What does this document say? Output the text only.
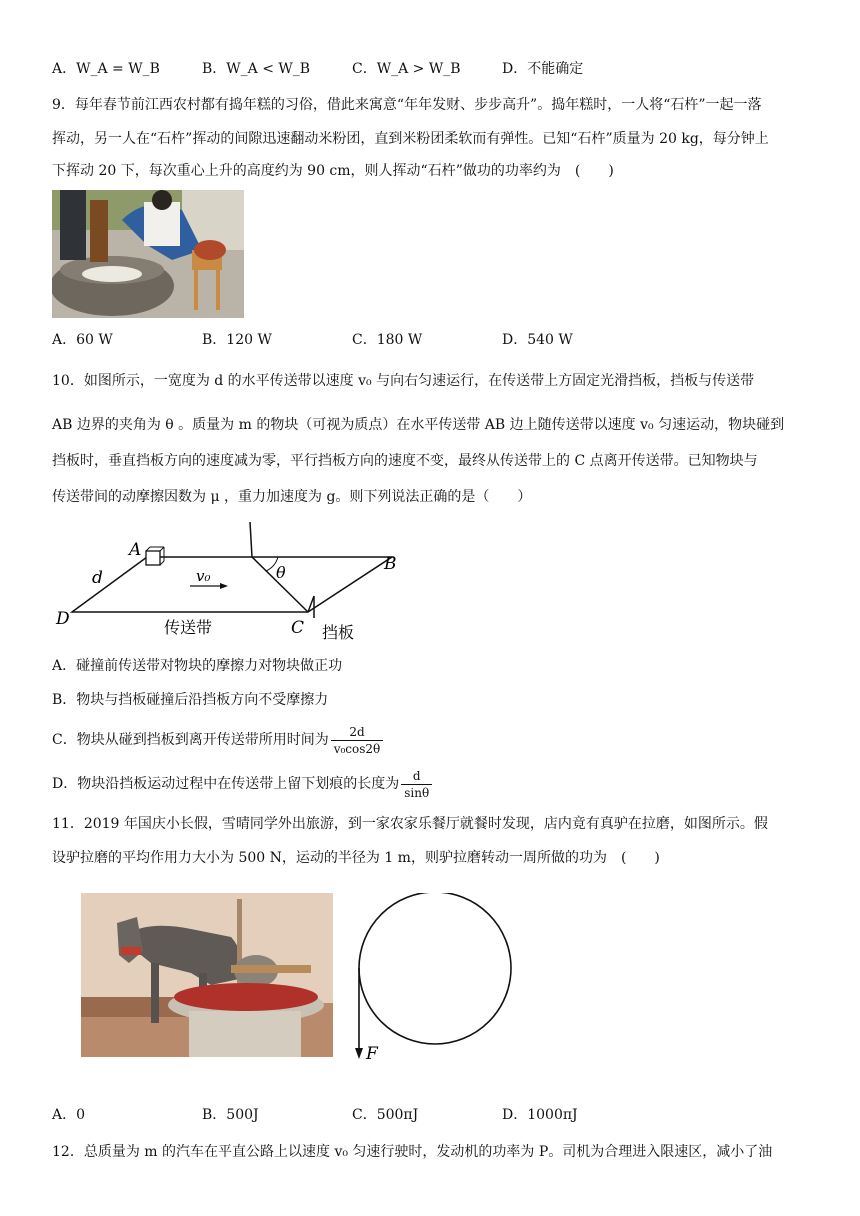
A．W_A = W_B	B．W_A < W_B	C．W_A > W_B	D．不能确定
9．每年春节前江西农村都有捣年糕的习俗，借此来寓意“年年发财、步步高升”。捣年糕时，一人将“石杵”一起一落
挥动，另一人在“石杵”挥动的间隙迅速翻动米粉团，直到米粉团柔软而有弹性。已知“石杵”质量为 20 kg，每分钟上
下挥动 20 下，每次重心上升的高度约为 90 cm，则人挥动“石杵”做功的功率约为　(　　)
A．60 W	B．120 W	C．180 W	D．540 W
10．如图所示，一宽度为 d 的水平传送带以速度 v₀ 与向右匀速运行，在传送带上方固定光滑挡板，挡板与传送带
AB 边界的夹角为 θ 。质量为 m 的物块（可视为质点）在水平传送带 AB 边上随传送带以速度 v₀ 匀速运动，物块碰到
挡板时，垂直挡板方向的速度减为零，平行挡板方向的速度不变，最终从传送带上的 C 点离开传送带。已知物块与
传送带间的动摩擦因数为 μ ，重力加速度为 g。则下列说法正确的是（　　）
A
B
C
D
d	v₀	θ
传送带	挡板
A．碰撞前传送带对物块的摩擦力对物块做正功
B．物块与挡板碰撞后沿挡板方向不受摩擦力
C．物块从碰到挡板到离开传送带所用时间为 $\frac{2d}{\text{v₀cos2θ}}$
D．物块沿挡板运动过程中在传送带上留下划痕的长度为 $\frac{d}{\sin\theta}$
11．2019 年国庆小长假，雪晴同学外出旅游，到一家农家乐餐厅就餐时发现，店内竟有真驴在拉磨，如图所示。假
设驴拉磨的平均作用力大小为 500 N，运动的半径为 1 m，则驴拉磨转动一周所做的功为　(　　)
F
A．0	B．500J	C．500πJ	D．1000πJ
12．总质量为 m 的汽车在平直公路上以速度 v₀ 匀速行驶时，发动机的功率为 P。司机为合理进入限速区，减小了油
